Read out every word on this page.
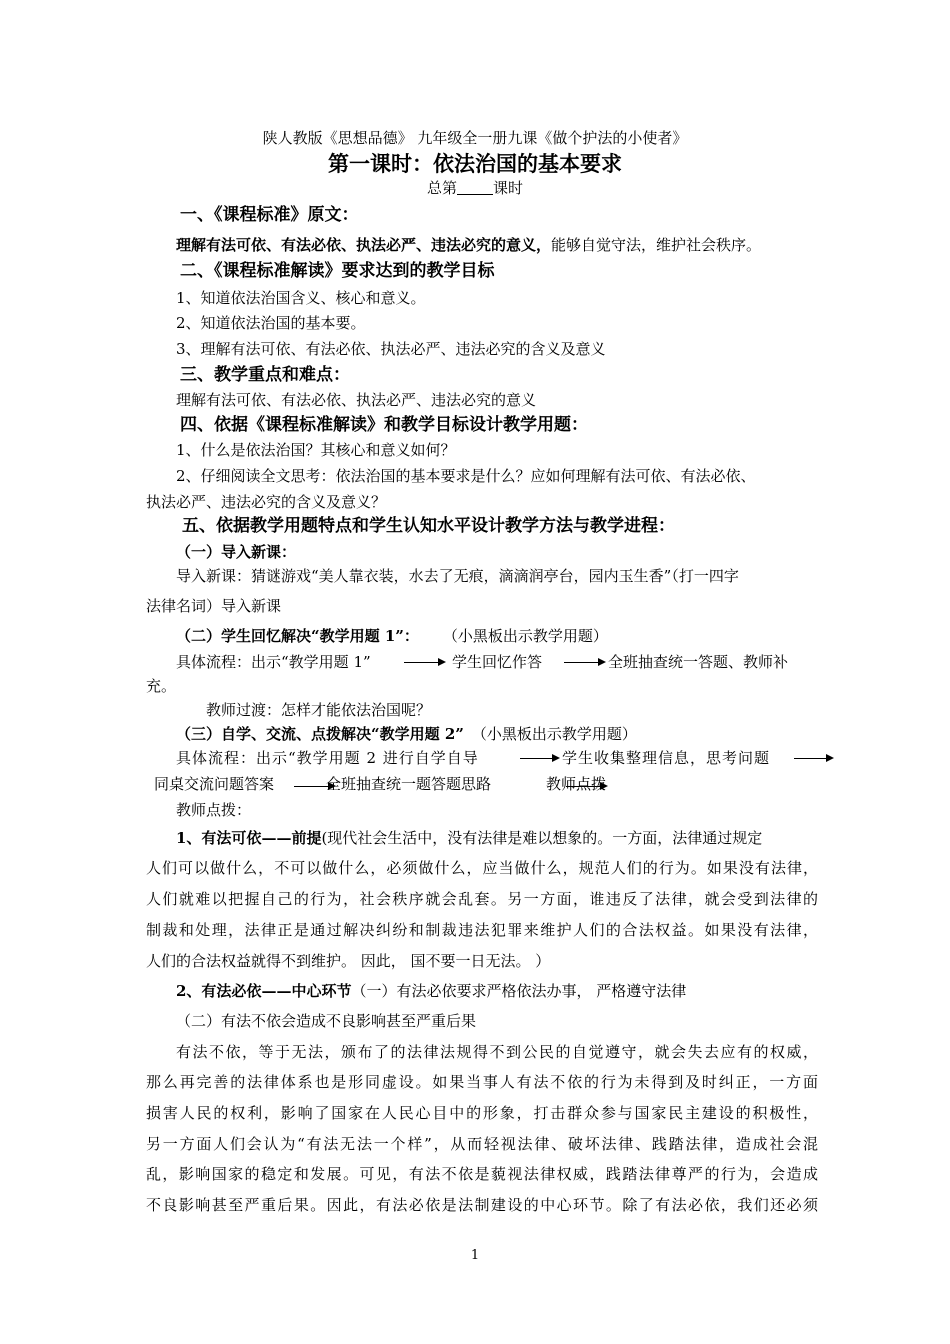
陕人教版《思想品德》 九年级全一册九课《做个护法的小使者》
第一课时：依法治国的基本要求
总第 课时
一、《课程标准》原文：
理解有法可依、有法必依、执法必严、违法必究的意义，能够自觉守法，维护社会秩序。
二、《课程标准解读》要求达到的教学目标
1、知道依法治国含义、核心和意义。
2、知道依法治国的基本要。
3、理解有法可依、有法必依、执法必严、违法必究的含义及意义
三、教学重点和难点：
理解有法可依、有法必依、执法必严、违法必究的意义
四、依据《课程标准解读》和教学目标设计教学用题：
1、什么是依法治国？其核心和意义如何？
2、仔细阅读全文思考：依法治国的基本要求是什么？应如何理解有法可依、有法必依、
执法必严、违法必究的含义及意义？
五、依据教学用题特点和学生认知水平设计教学方法与教学进程：
（一）导入新课：
导入新课：猜谜游戏“美人靠衣装，水去了无痕，滴滴润亭台，园内玉生香”（打一四字
法律名词）导入新课
（二）学生回忆解决“教学用题 1”： （小黑板出示教学用题）
具体流程：出示“教学用题 1”	学生回忆作答	全班抽查统一答题、教师补
充。
教师过渡：怎样才能依法治国呢？
（三）自学、交流、点拨解决“教学用题 2” （小黑板出示教学用题）
具体流程：出示“教学用题 2 进行自学自导	学生收集整理信息，思考问题
同桌交流问题答案	全班抽查统一题答题思路	教师点拨
教师点拨：
1、有法可依——前提(现代社会生活中，没有法律是难以想象的。一方面，法律通过规定
人们可以做什么，不可以做什么，必须做什么，应当做什么，规范人们的行为。如果没有法律，
人们就难以把握自己的行为，社会秩序就会乱套。另一方面，谁违反了法律，就会受到法律的
制裁和处理，法律正是通过解决纠纷和制裁违法犯罪来维护人们的合法权益。如果没有法律，
人们的合法权益就得不到维护。 因此， 国不要一日无法。 ）
2、有法必依——中心环节（一）有法必依要求严格依法办事， 严格遵守法律
（二）有法不依会造成不良影响甚至严重后果
有法不依，等于无法，颁布了的法律法规得不到公民的自觉遵守，就会失去应有的权威，
那么再完善的法律体系也是形同虚设。如果当事人有法不依的行为未得到及时纠正，一方面
损害人民的权利，影响了国家在人民心目中的形象，打击群众参与国家民主建设的积极性，
另一方面人们会认为“有法无法一个样”，从而轻视法律、破坏法律、践踏法律，造成社会混
乱，影响国家的稳定和发展。可见，有法不依是藐视法律权威，践踏法律尊严的行为，会造成
不良影响甚至严重后果。因此，有法必依是法制建设的中心环节。除了有法必依，我们还必须
1
